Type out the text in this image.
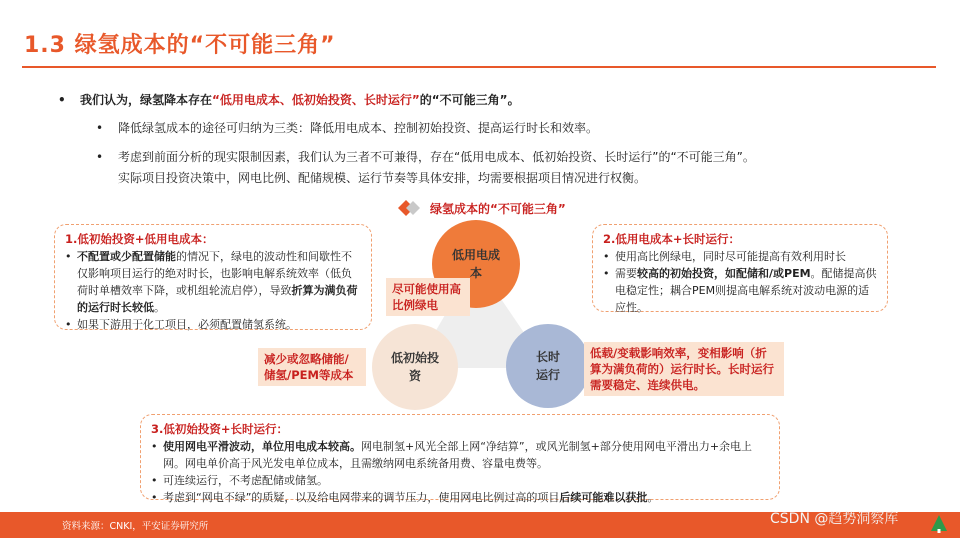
1.3 绿氢成本的“不可能三角”
• 我们认为，绿氢降本存在“低用电成本、低初始投资、长时运行”的“不可能三角”。
• 降低绿氢成本的途径可归纳为三类：降低用电成本、控制初始投资、提高运行时长和效率。
• 考虑到前面分析的现实限制因素，我们认为三者不可兼得，存在“低用电成本、低初始投资、长时运行”的“不可能三角”。
实际项目投资决策中，网电比例、配储规模、运行节奏等具体安排，均需要根据项目情况进行权衡。
绿氢成本的“不可能三角”
1.低初始投资+低用电成本：
• 不配置或少配置储能的情况下，绿电的波动性和间歇性不仅影响项目运行的绝对时长，也影响电解系统效率（低负荷时单槽效率下降，或机组轮流启停），导致折算为满负荷的运行时长较低。
• 如果下游用于化工项目，必须配置储氢系统。
2.低用电成本+长时运行：
• 使用高比例绿电，同时尽可能提高有效利用时长
• 需要较高的初始投资，如配储和/或PEM。配储提高供电稳定性；耦合PEM则提高电解系统对波动电源的适应性。
3.低初始投资+长时运行：
• 使用网电平滑波动，单位用电成本较高。网电制氢+风光全部上网“净结算”，或风光制氢+部分使用网电平滑出力+余电上网。网电单价高于风光发电单位成本，且需缴纳网电系统备用费、容量电费等。
• 可连续运行，不考虑配储或储氢。
• 考虑到“网电不绿”的质疑，以及给电网带来的调节压力，使用网电比例过高的项目后续可能难以获批。
低用电成本
低初始投资
长时运行
尽可能使用高比例绿电
减少或忽略储能/储氢/PEM等成本
低载/变载影响效率，变相影响（折算为满负荷的）运行时长。长时运行需要稳定、连续供电。
资料来源：CNKI，平安证券研究所	CSDN @趋势洞察库
